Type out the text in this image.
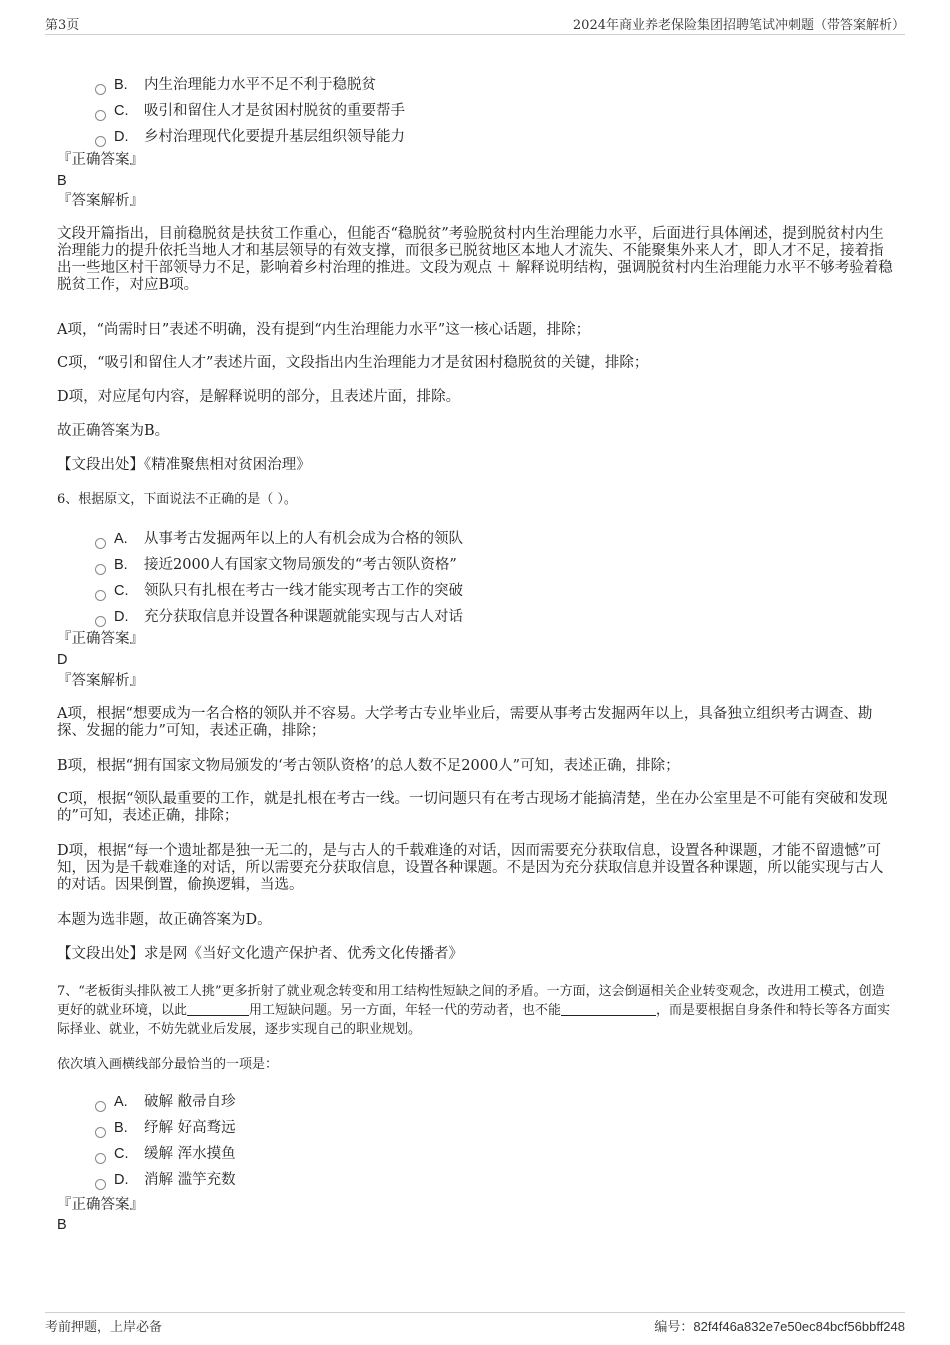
第3页	2024年商业养老保险集团招聘笔试冲刺题（带答案解析）
B. 内生治理能力水平不足不利于稳脱贫
C. 吸引和留住人才是贫困村脱贫的重要帮手
D. 乡村治理现代化要提升基层组织领导能力
『正确答案』
B
『答案解析』
文段开篇指出，目前稳脱贫是扶贫工作重心，但能否“稳脱贫”考验脱贫村内生治理能力水平，后面进行具体阐述，提到脱贫村内生治理能力的提升依托当地人才和基层领导的有效支撑，而很多已脱贫地区本地人才流失、不能聚集外来人才，即人才不足，接着指出一些地区村干部领导力不足，影响着乡村治理的推进。文段为观点 ＋ 解释说明结构，强调脱贫村内生治理能力水平不够考验着稳脱贫工作，对应B项。
A项，“尚需时日”表述不明确，没有提到“内生治理能力水平”这一核心话题，排除；
C项，“吸引和留住人才”表述片面，文段指出内生治理能力才是贫困村稳脱贫的关键，排除；
D项，对应尾句内容，是解释说明的部分，且表述片面，排除。
故正确答案为B。
【文段出处】《精准聚焦相对贫困治理》
6、根据原文，下面说法不正确的是（ ）。
A. 从事考古发掘两年以上的人有机会成为合格的领队
B. 接近2000人有国家文物局颁发的“考古领队资格”
C. 领队只有扎根在考古一线才能实现考古工作的突破
D. 充分获取信息并设置各种课题就能实现与古人对话
『正确答案』
D
『答案解析』
A项，根据“想要成为一名合格的领队并不容易。大学考古专业毕业后，需要从事考古发掘两年以上，具备独立组织考古调查、勘探、发掘的能力”可知，表述正确，排除；
B项，根据“拥有国家文物局颁发的‘考古领队资格’的总人数不足2000人”可知，表述正确，排除；
C项，根据“领队最重要的工作，就是扎根在考古一线。一切问题只有在考古现场才能搞清楚，坐在办公室里是不可能有突破和发现的”可知，表述正确，排除；
D项，根据“每一个遗址都是独一无二的，是与古人的千载难逢的对话，因而需要充分获取信息，设置各种课题，才能不留遗憾”可知，因为是千载难逢的对话，所以需要充分获取信息，设置各种课题。不是因为充分获取信息并设置各种课题，所以能实现与古人的对话。因果倒置，偷换逻辑，当选。
本题为选非题，故正确答案为D。
【文段出处】求是网《当好文化遗产保护者、优秀文化传播者》
7、“老板街头排队被工人挑”更多折射了就业观念转变和用工结构性短缺之间的矛盾。一方面，这会倒逼相关企业转变观念，改进用工模式，创造更好的就业环境，以此	用工短缺问题。另一方面，年轻一代的劳动者，也不能	，而是要根据自身条件和特长等各方面实际择业、就业，不妨先就业后发展，逐步实现自己的职业规划。
依次填入画横线部分最恰当的一项是：
A. 破解 敝帚自珍
B. 纾解 好高骛远
C. 缓解 浑水摸鱼
D. 消解 滥竽充数
『正确答案』
B
考前押题，上岸必备	编号：82f4f46a832e7e50ec84bcf56bbff248
